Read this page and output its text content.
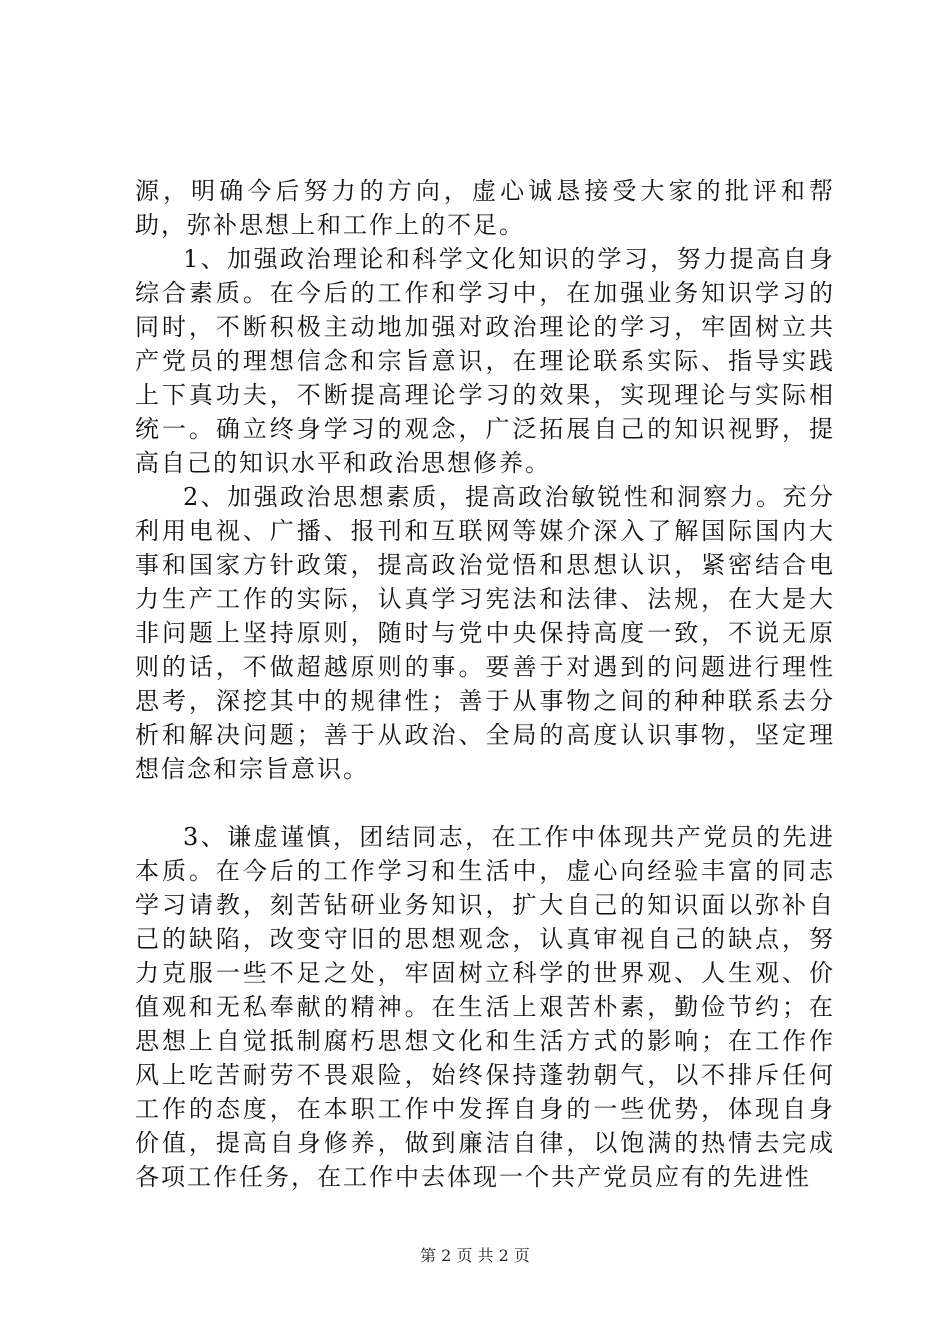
源，明确今后努力的方向，虚心诚恳接受大家的批评和帮助，弥补思想上和工作上的不足。

1、加强政治理论和科学文化知识的学习，努力提高自身综合素质。在今后的工作和学习中，在加强业务知识学习的同时，不断积极主动地加强对政治理论的学习，牢固树立共产党员的理想信念和宗旨意识，在理论联系实际、指导实践上下真功夫，不断提高理论学习的效果，实现理论与实际相统一。确立终身学习的观念，广泛拓展自己的知识视野，提高自己的知识水平和政治思想修养。

2、加强政治思想素质，提高政治敏锐性和洞察力。充分利用电视、广播、报刊和互联网等媒介深入了解国际国内大事和国家方针政策，提高政治觉悟和思想认识，紧密结合电力生产工作的实际，认真学习宪法和法律、法规，在大是大非问题上坚持原则，随时与党中央保持高度一致，不说无原则的话，不做超越原则的事。要善于对遇到的问题进行理性思考，深挖其中的规律性；善于从事物之间的种种联系去分析和解决问题；善于从政治、全局的高度认识事物，坚定理想信念和宗旨意识。

3、谦虚谨慎，团结同志，在工作中体现共产党员的先进本质。在今后的工作学习和生活中，虚心向经验丰富的同志学习请教，刻苦钻研业务知识，扩大自己的知识面以弥补自己的缺陷，改变守旧的思想观念，认真审视自己的缺点，努力克服一些不足之处，牢固树立科学的世界观、人生观、价值观和无私奉献的精神。在生活上艰苦朴素，勤俭节约；在思想上自觉抵制腐朽思想文化和生活方式的影响；在工作作风上吃苦耐劳不畏艰险，始终保持蓬勃朝气，以不排斥任何工作的态度，在本职工作中发挥自身的一些优势，体现自身价值，提高自身修养，做到廉洁自律，以饱满的热情去完成各项工作任务，在工作中去体现一个共产党员应有的先进性

第 2 页 共 2 页
